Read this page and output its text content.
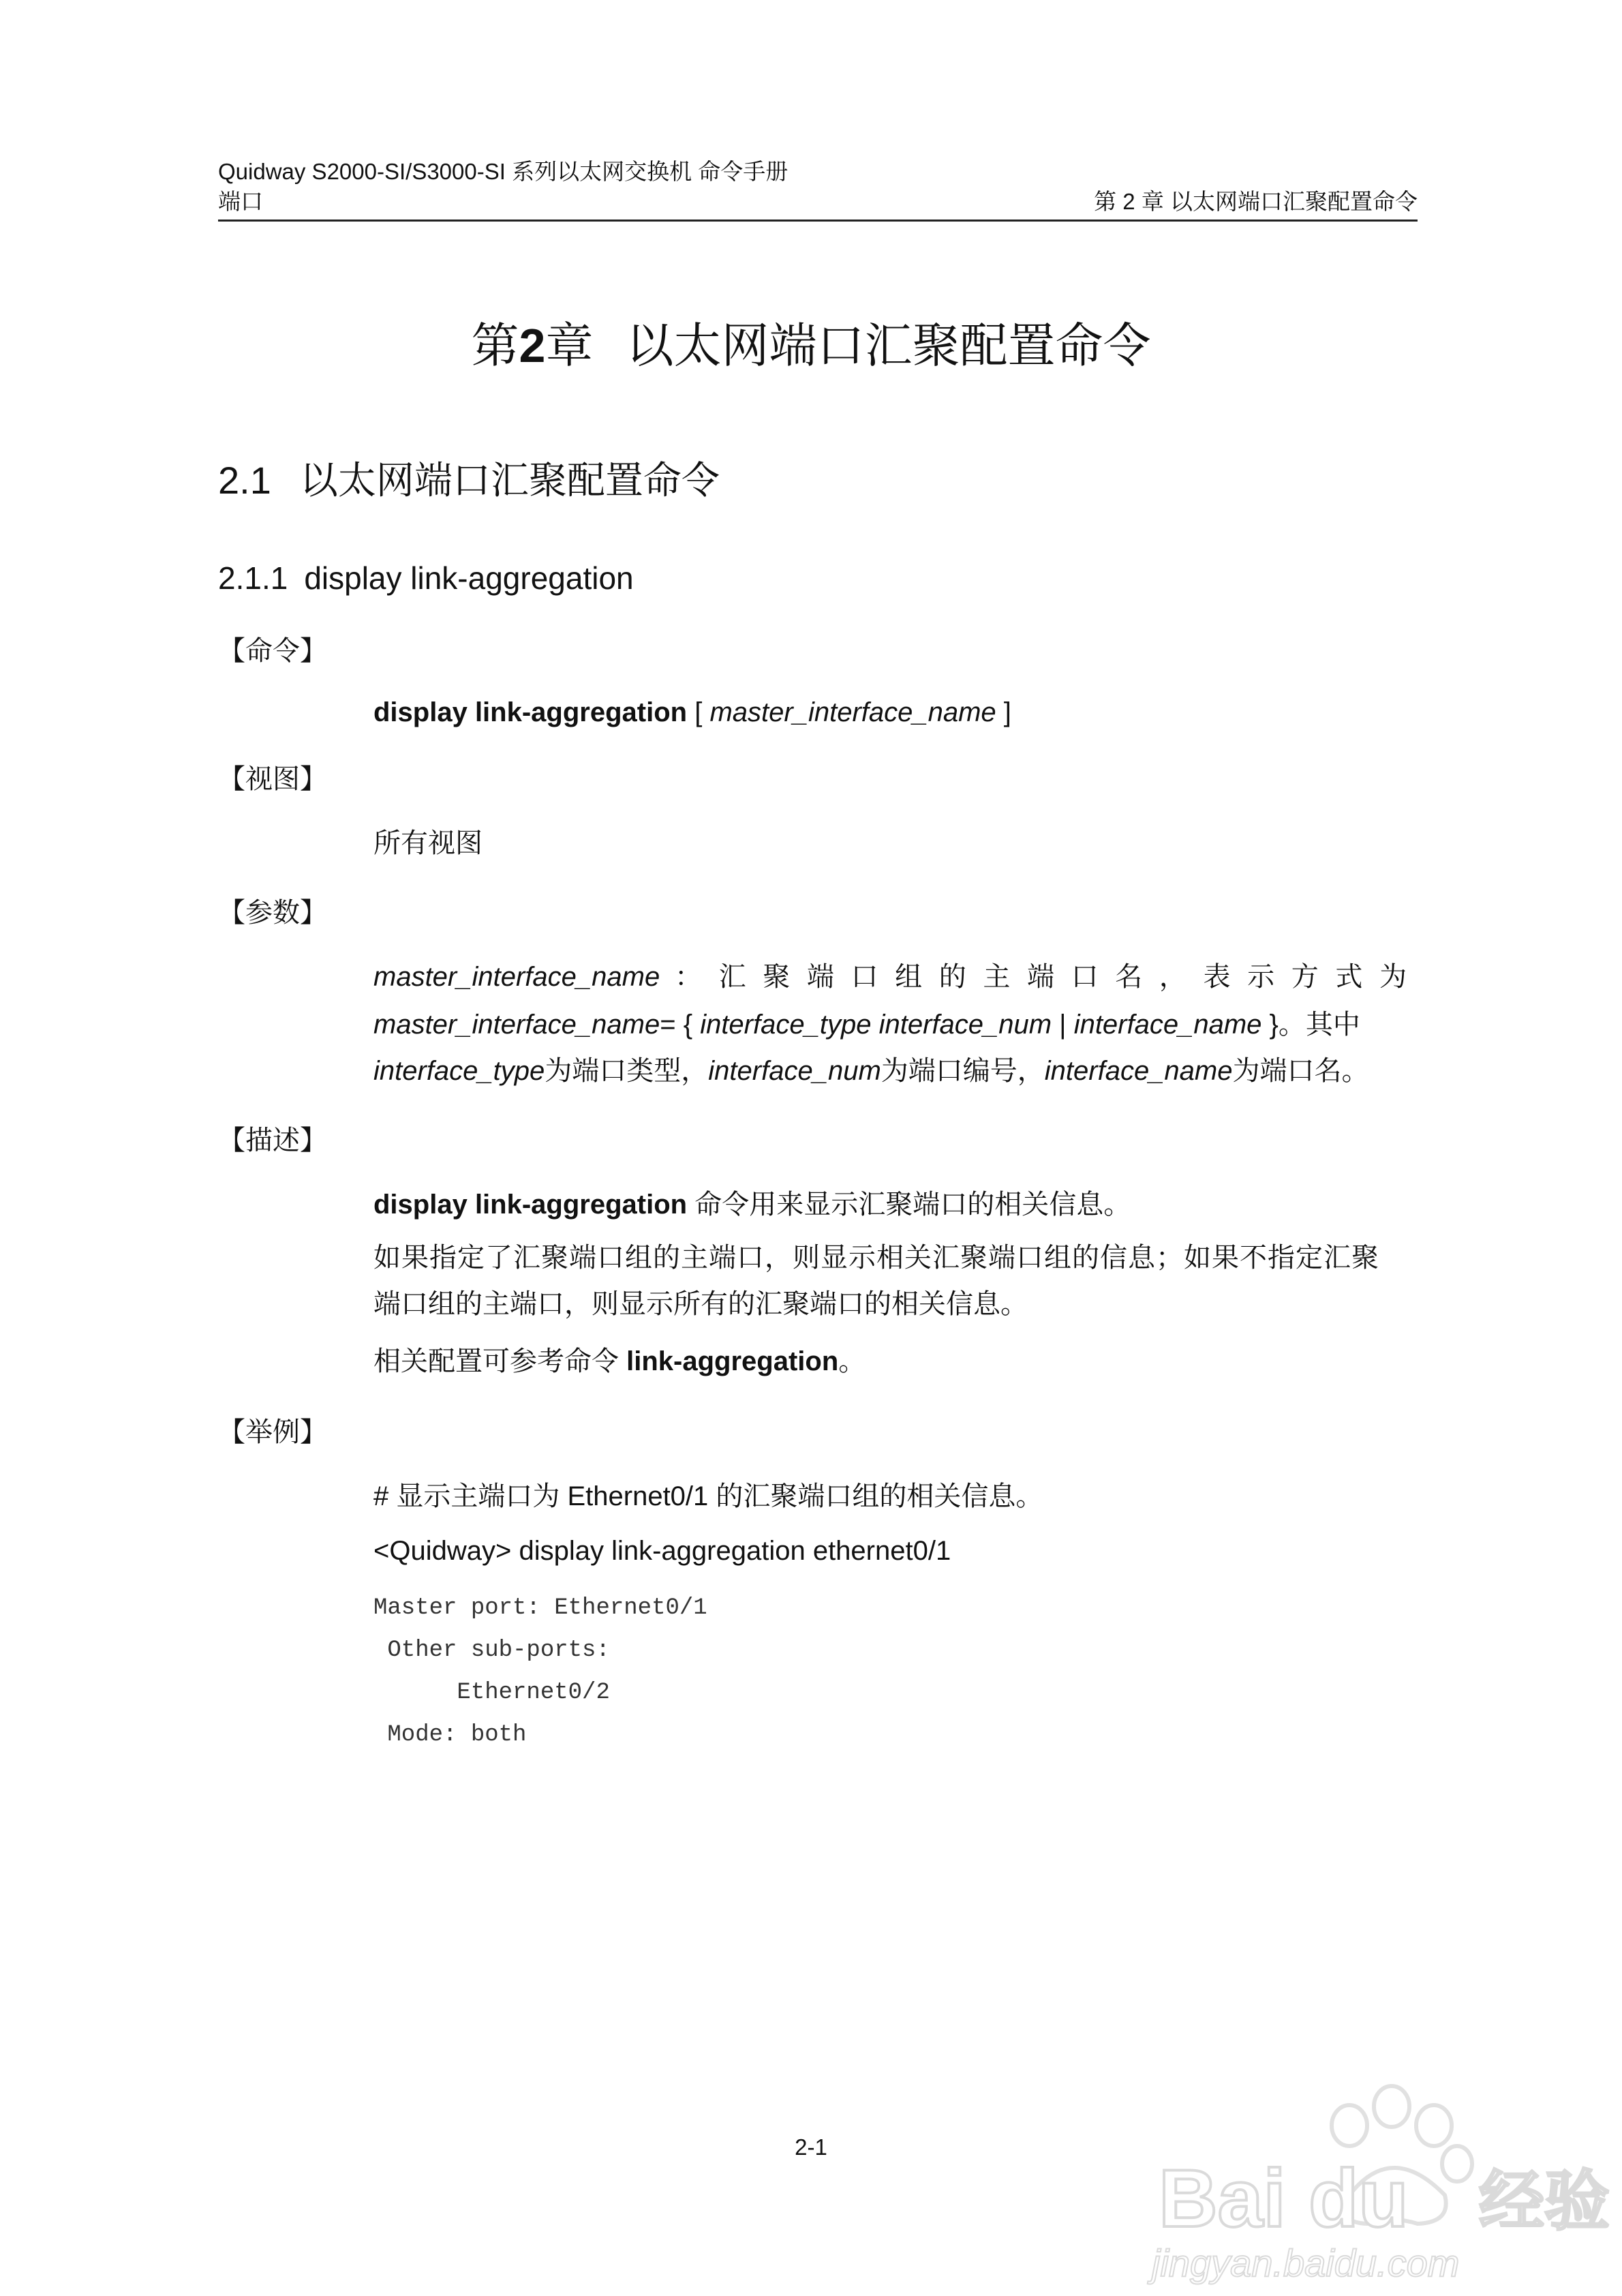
Quidway S2000-SI/S3000-SI 系列以太网交换机 命令手册
端口	第 2 章 以太网端口汇聚配置命令
第2章 以太网端口汇聚配置命令
2.1 以太网端口汇聚配置命令
2.1.1 display link-aggregation
【命令】
display link-aggregation [ master_interface_name ]
【视图】
所有视图
【参数】
master_interface_name ：汇聚端口组的主端口名，表示方式为
master_interface_name= { interface_type interface_num | interface_name }。其中
interface_type为端口类型，interface_num为端口编号，interface_name为端口名。
【描述】
display link-aggregation 命令用来显示汇聚端口的相关信息。
如果指定了汇聚端口组的主端口，则显示相关汇聚端口组的信息；如果不指定汇聚
端口组的主端口，则显示所有的汇聚端口的相关信息。
相关配置可参考命令 link-aggregation。
【举例】
# 显示主端口为 Ethernet0/1 的汇聚端口组的相关信息。
<Quidway> display link-aggregation ethernet0/1
Master port: Ethernet0/1
Other sub-ports:
Ethernet0/2
Mode: both
2-1
Bai du 经验
jingyan.baidu.com
